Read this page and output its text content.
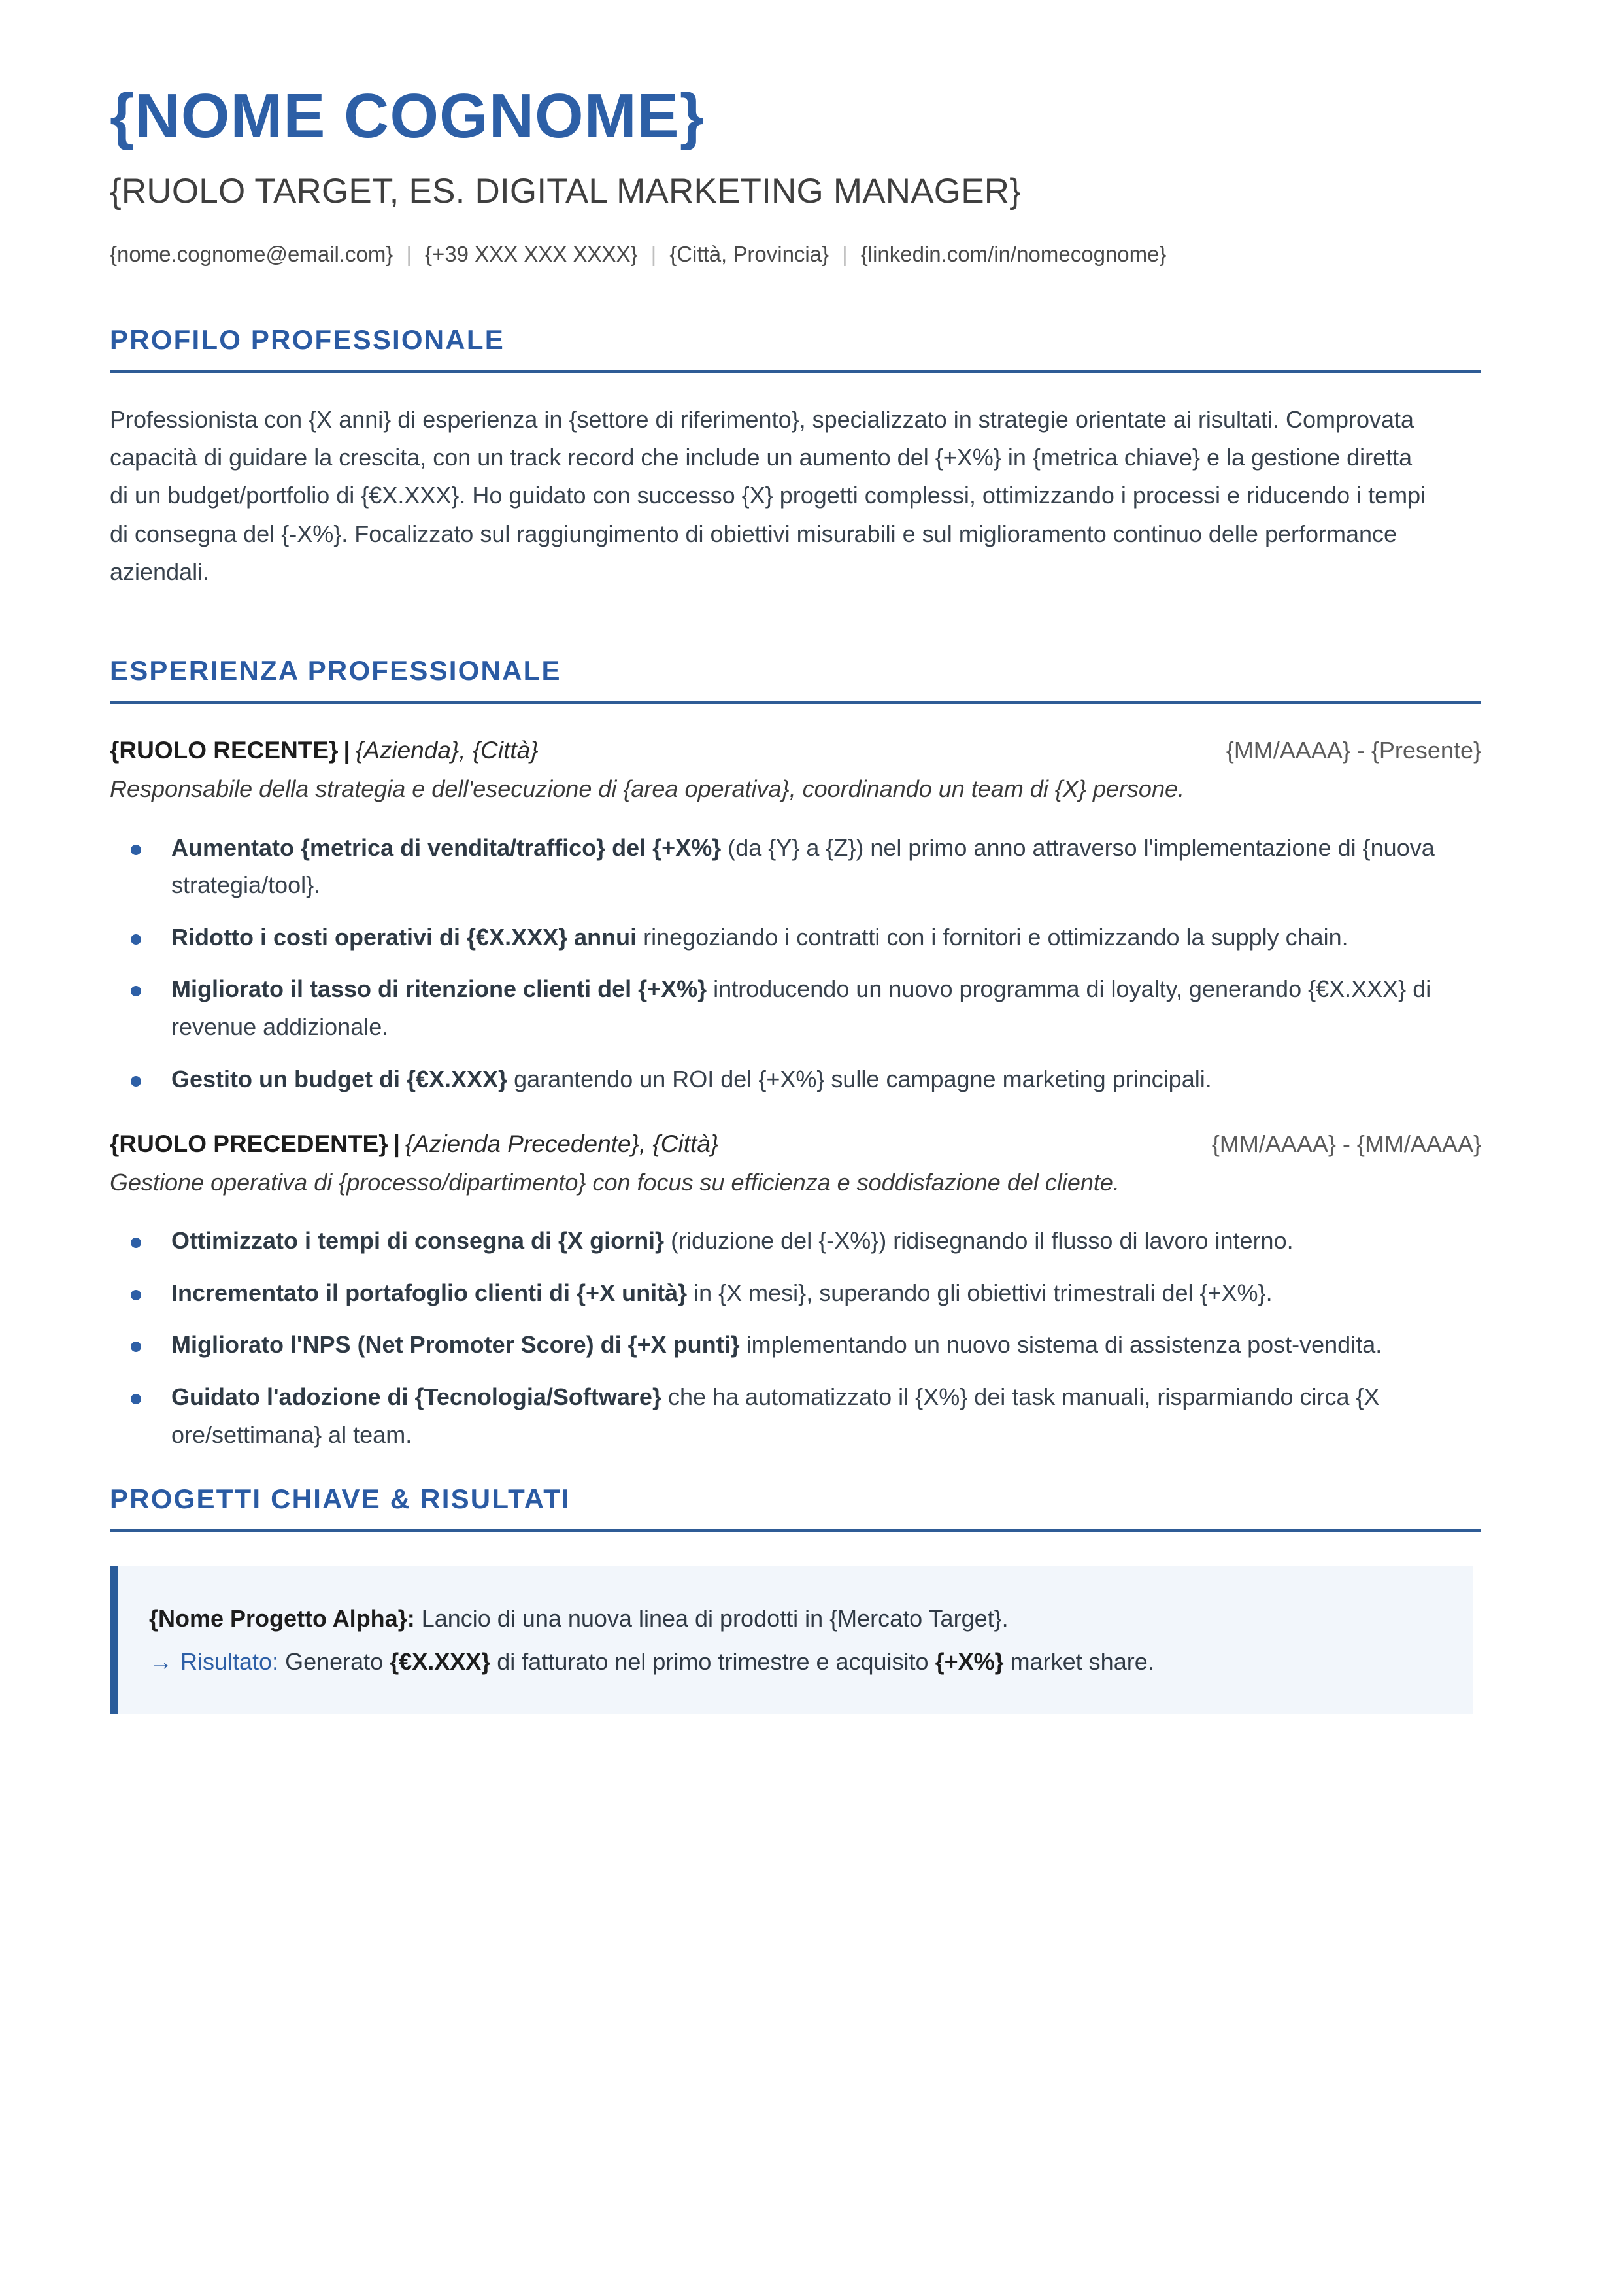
{NOME COGNOME}
{RUOLO TARGET, ES. DIGITAL MARKETING MANAGER}

{nome.cognome@email.com} | {+39 XXX XXX XXXX} | {Città, Provincia} | {linkedin.com/in/nomecognome}

PROFILO PROFESSIONALE

Professionista con {X anni} di esperienza in {settore di riferimento}, specializzato in strategie orientate ai risultati. Comprovata capacità di guidare la crescita, con un track record che include un aumento del {+X%} in {metrica chiave} e la gestione diretta di un budget/portfolio di {€X.XXX}. Ho guidato con successo {X} progetti complessi, ottimizzando i processi e riducendo i tempi di consegna del {-X%}. Focalizzato sul raggiungimento di obiettivi misurabili e sul miglioramento continuo delle performance aziendali.

ESPERIENZA PROFESSIONALE
{RUOLO RECENTE} | {Azienda}, {Città}	{MM/AAAA} - {Presente}

Responsabile della strategia e dell'esecuzione di {area operativa}, coordinando un team di {X} persone.

Aumentato {metrica di vendita/traffico} del {+X%} (da {Y} a {Z}) nel primo anno attraverso l'implementazione di {nuova strategia/tool}.
Ridotto i costi operativi di {€X.XXX} annui rinegoziando i contratti con i fornitori e ottimizzando la supply chain.
Migliorato il tasso di ritenzione clienti del {+X%} introducendo un nuovo programma di loyalty, generando {€X.XXX} di revenue addizionale.
Gestito un budget di {€X.XXX} garantendo un ROI del {+X%} sulle campagne marketing principali.
{RUOLO PRECEDENTE} | {Azienda Precedente}, {Città}	{MM/AAAA} - {MM/AAAA}

Gestione operativa di {processo/dipartimento} con focus su efficienza e soddisfazione del cliente.

Ottimizzato i tempi di consegna di {X giorni} (riduzione del {-X%}) ridisegnando il flusso di lavoro interno.
Incrementato il portafoglio clienti di {+X unità} in {X mesi}, superando gli obiettivi trimestrali del {+X%}.
Migliorato l'NPS (Net Promoter Score) di {+X punti} implementando un nuovo sistema di assistenza post-vendita.
Guidato l'adozione di {Tecnologia/Software} che ha automatizzato il {X%} dei task manuali, risparmiando circa {X ore/settimana} al team.
PROGETTI CHIAVE & RISULTATI

{Nome Progetto Alpha}: Lancio di una nuova linea di prodotti in {Mercato Target}.

→ Risultato: Generato {€X.XXX} di fatturato nel primo trimestre e acquisito {+X%} market share.
